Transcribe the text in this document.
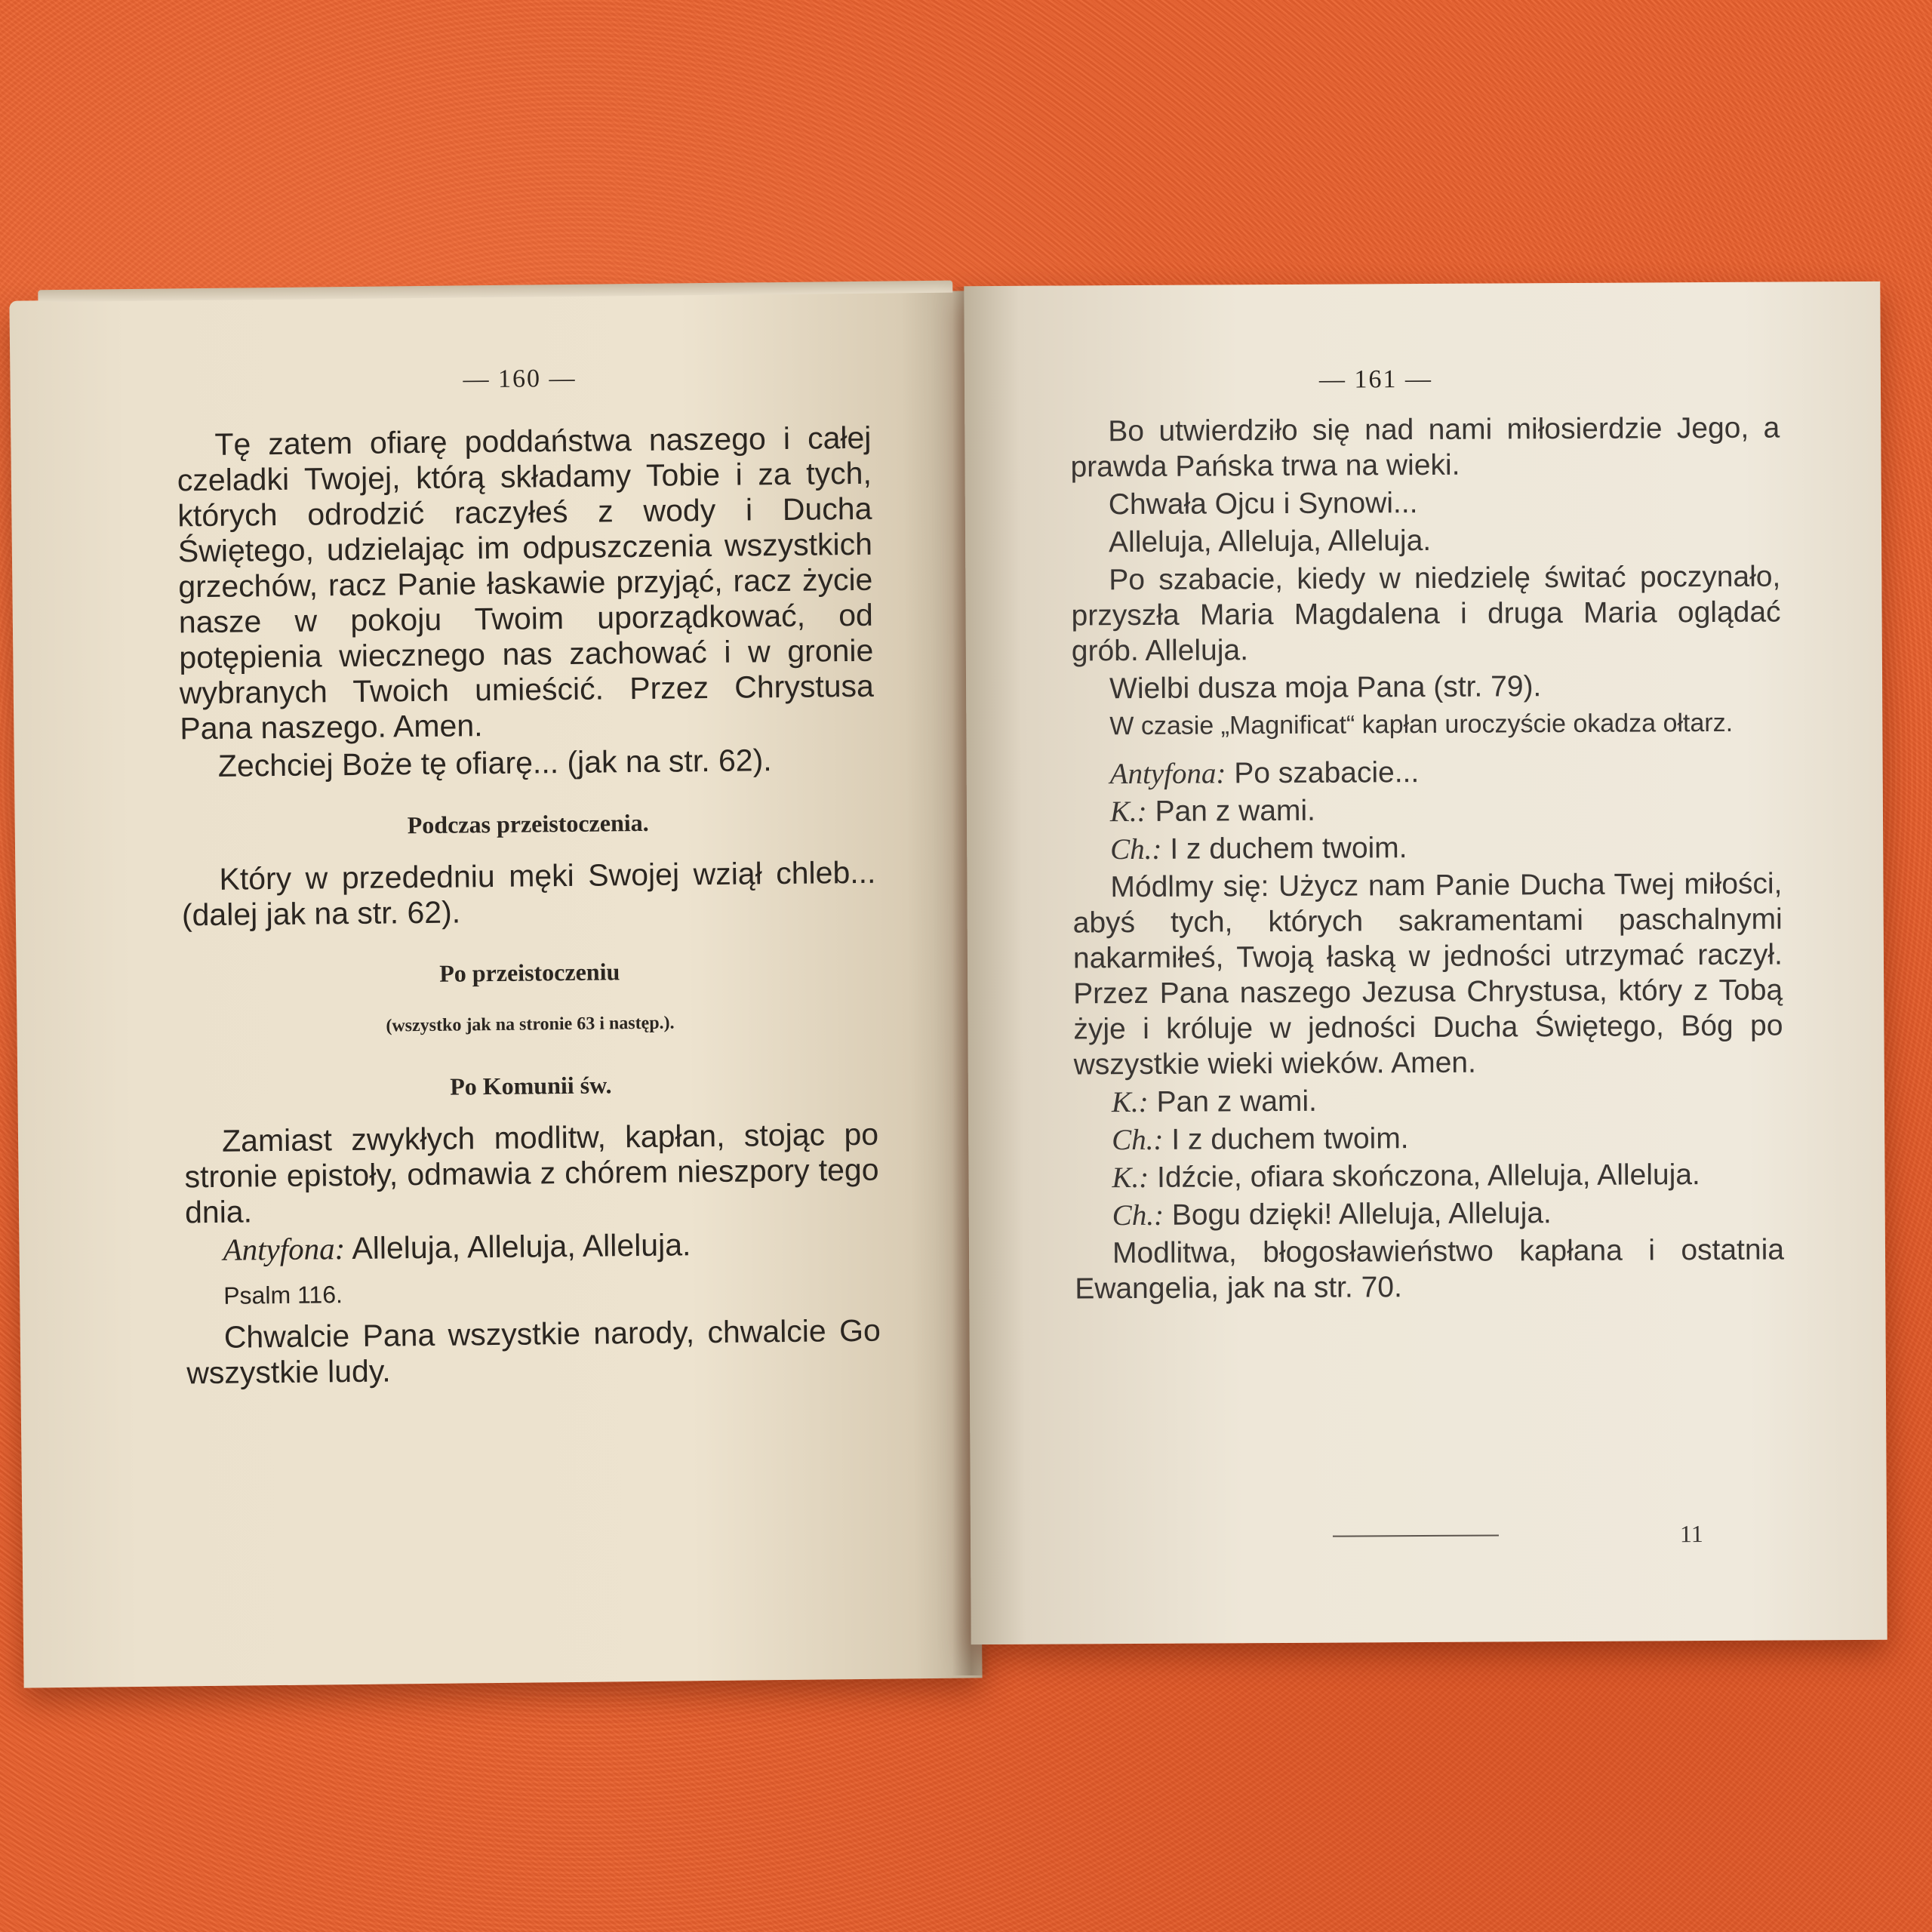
— 160 —

Tę zatem ofiarę poddaństwa naszego i całej czeladki Twojej, którą składamy Tobie i za tych, których odrodzić raczyłeś z wody i Ducha Świętego, udzielając im odpuszczenia wszystkich grzechów, racz Panie łaskawie przyjąć, racz życie nasze w pokoju Twoim uporządkować, od potępienia wiecznego nas zachować i w gronie wybranych Twoich umieścić. Przez Chrystusa Pana naszego. Amen.

Zechciej Boże tę ofiarę... (jak na str. 62).

Podczas przeistoczenia.

Który w przededniu męki Swojej wziął chleb... (dalej jak na str. 62).

Po przeistoczeniu
(wszystko jak na stronie 63 i następ.).
Po Komunii św.

Zamiast zwykłych modlitw, kapłan, stojąc po stronie epistoły, odmawia z chórem nieszpory tego dnia.

Antyfona: Alleluja, Alleluja, Alleluja.

Psalm 116.

Chwalcie Pana wszystkie narody, chwalcie Go wszystkie ludy.

— 161 —

Bo utwierdziło się nad nami miłosierdzie Jego, a prawda Pańska trwa na wieki.

Chwała Ojcu i Synowi...

Alleluja, Alleluja, Alleluja.

Po szabacie, kiedy w niedzielę świtać poczynało, przyszła Maria Magdalena i druga Maria oglądać grób. Alleluja.

Wielbi dusza moja Pana (str. 79).

W czasie „Magnificat“ kapłan uroczyście okadza ołtarz.

Antyfona: Po szabacie...

K.: Pan z wami.

Ch.: I z duchem twoim.

Módlmy się: Użycz nam Panie Ducha Twej miłości, abyś tych, których sakramentami paschalnymi nakarmiłeś, Twoją łaską w jedności utrzymać raczył. Przez Pana naszego Jezusa Chrystusa, który z Tobą żyje i króluje w jedności Ducha Świętego, Bóg po wszystkie wieki wieków. Amen.

K.: Pan z wami.

Ch.: I z duchem twoim.

K.: Idźcie, ofiara skończona, Alleluja, Alleluja.

Ch.: Bogu dzięki! Alleluja, Alleluja.

Modlitwa, błogosławieństwo kapłana i ostatnia Ewangelia, jak na str. 70.

11
